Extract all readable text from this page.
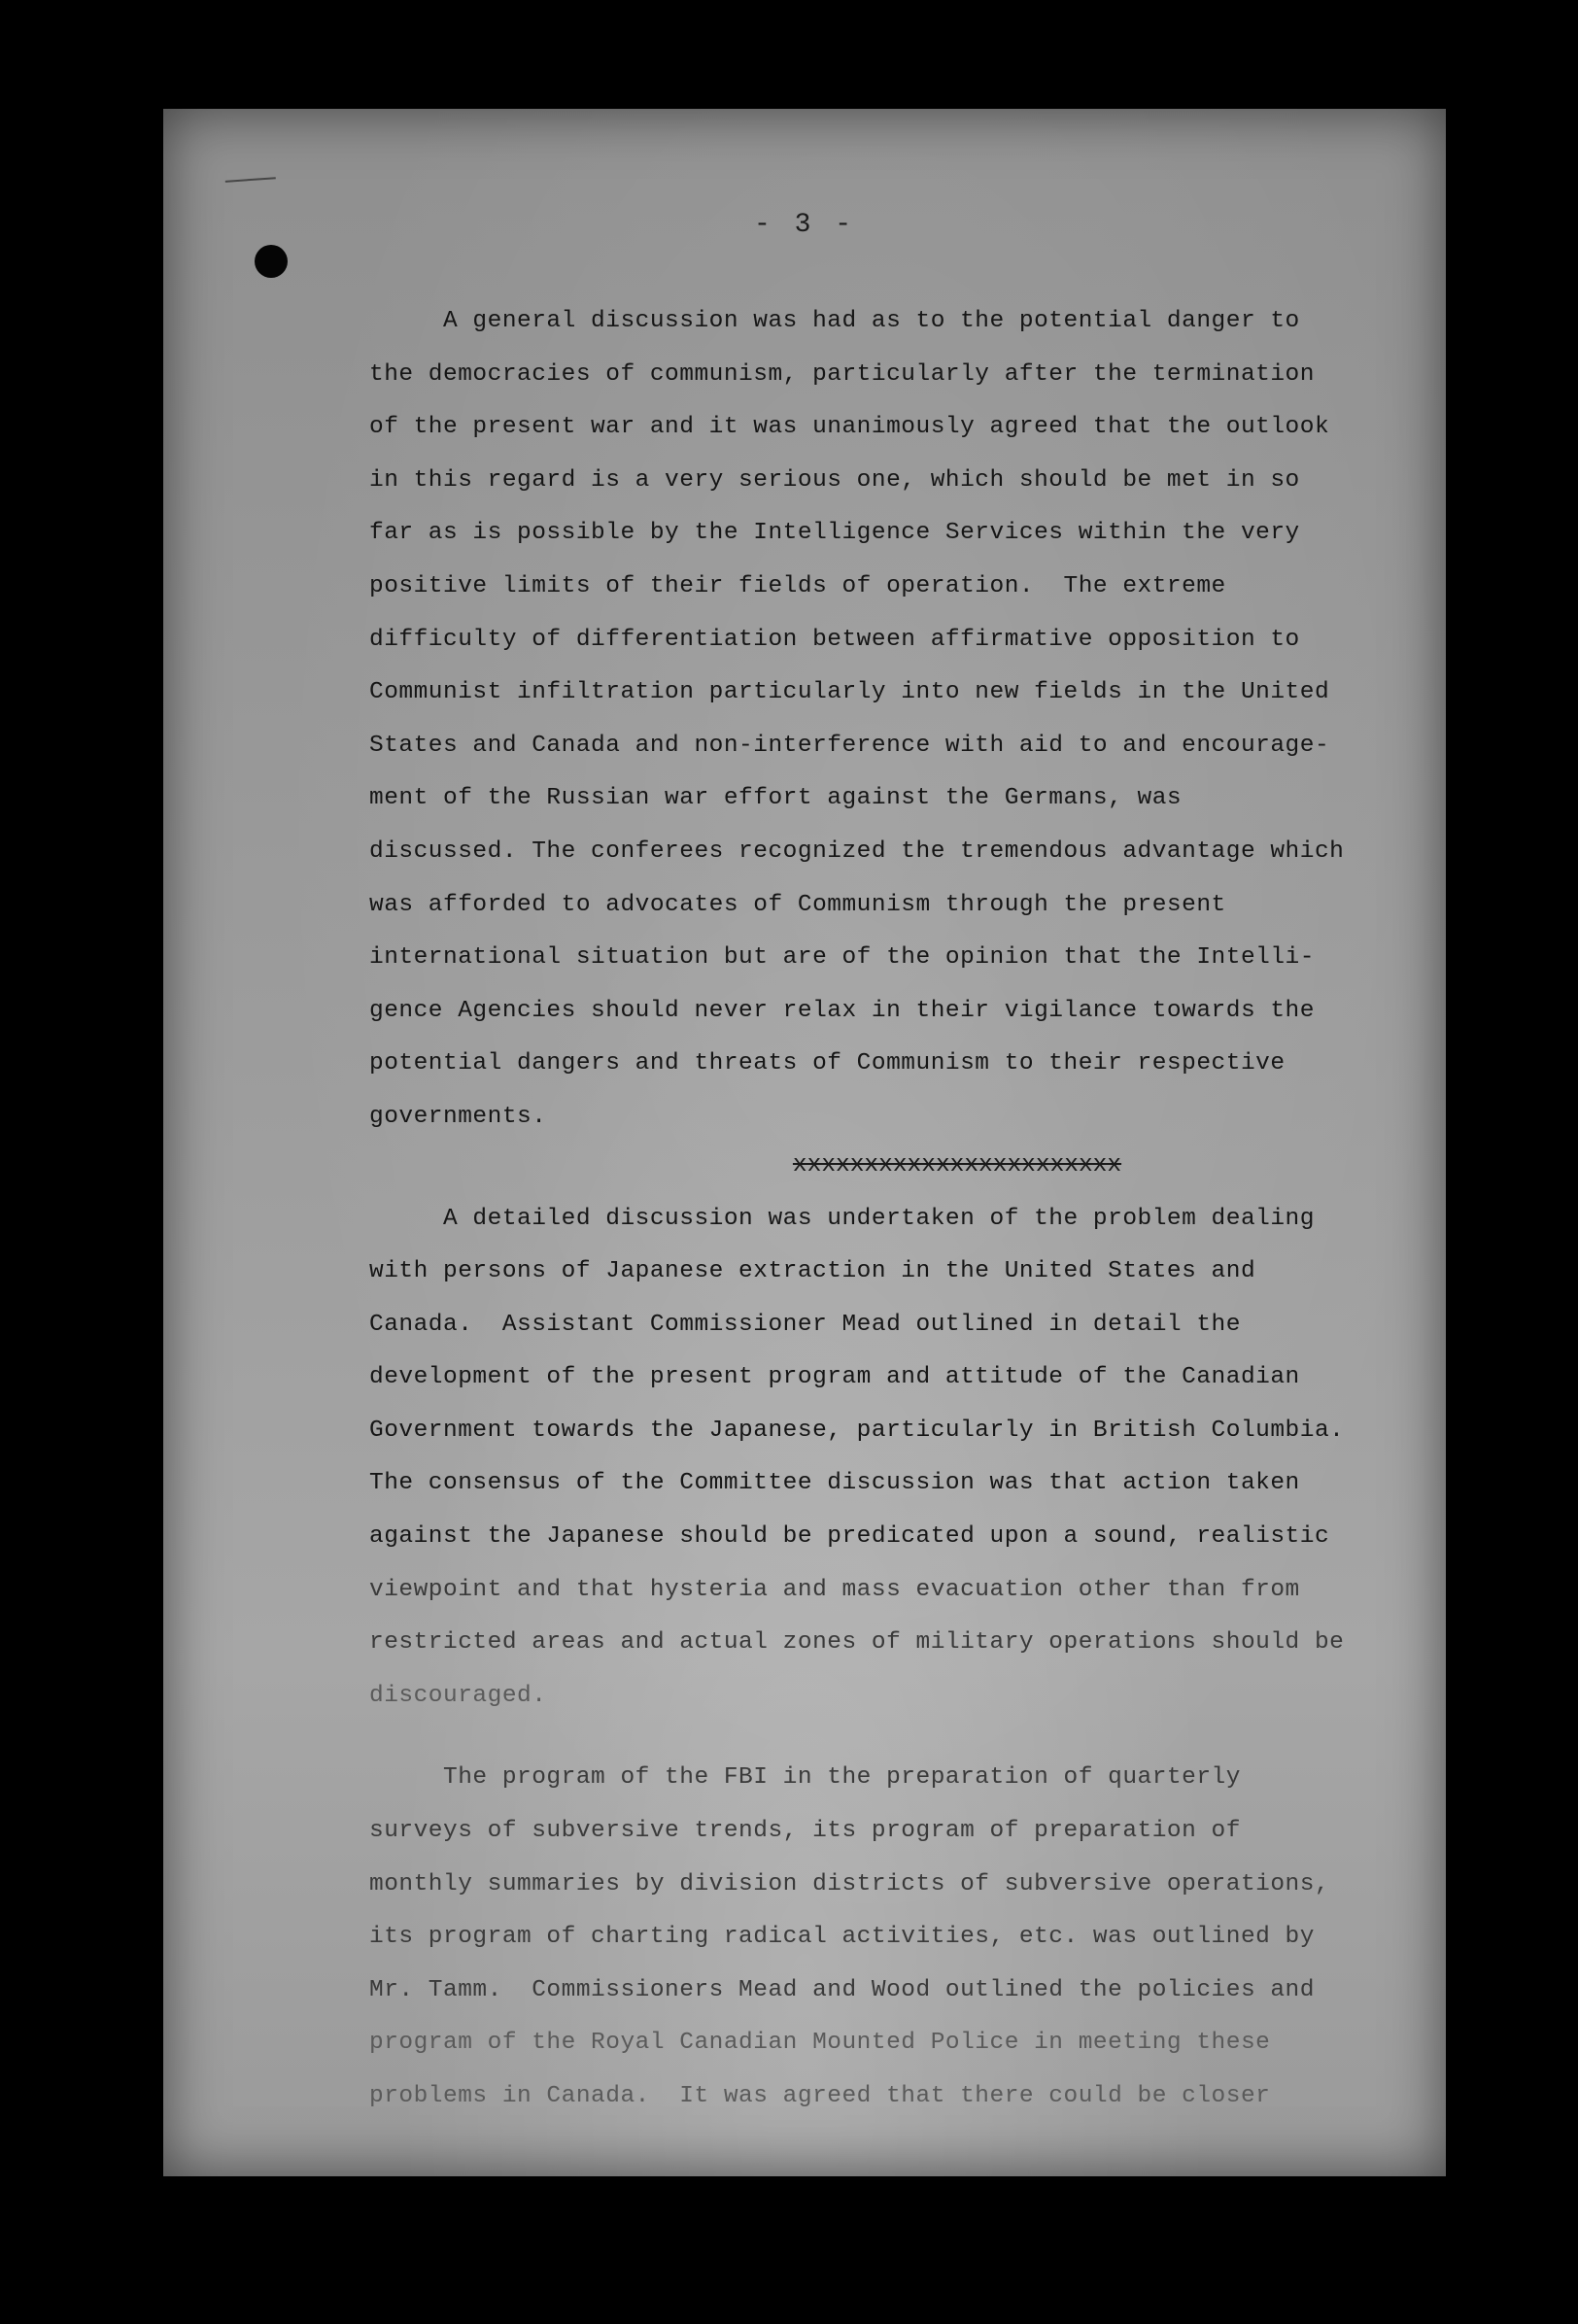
- 3 -
A general discussion was had as to the potential danger to
the democracies of communism, particularly after the termination
of the present war and it was unanimously agreed that the outlook
in this regard is a very serious one, which should be met in so
far as is possible by the Intelligence Services within the very
positive limits of their fields of operation.  The extreme
difficulty of differentiation between affirmative opposition to
Communist infiltration particularly into new fields in the United
States and Canada and non-interference with aid to and encourage-
ment of the Russian war effort against the Germans, was
discussed. The conferees recognized the tremendous advantage which
was afforded to advocates of Communism through the present
international situation but are of the opinion that the Intelli-
gence Agencies should never relax in their vigilance towards the
potential dangers and threats of Communism to their respective
governments.
xxxxxxxxxxxxxxxxxxxxxxx
A detailed discussion was undertaken of the problem dealing
with persons of Japanese extraction in the United States and
Canada.  Assistant Commissioner Mead outlined in detail the
development of the present program and attitude of the Canadian
Government towards the Japanese, particularly in British Columbia.
The consensus of the Committee discussion was that action taken
against the Japanese should be predicated upon a sound, realistic
viewpoint and that hysteria and mass evacuation other than from
restricted areas and actual zones of military operations should be
discouraged.
The program of the FBI in the preparation of quarterly
surveys of subversive trends, its program of preparation of
monthly summaries by division districts of subversive operations,
its program of charting radical activities, etc. was outlined by
Mr. Tamm.  Commissioners Mead and Wood outlined the policies and
program of the Royal Canadian Mounted Police in meeting these
problems in Canada.  It was agreed that there could be closer
